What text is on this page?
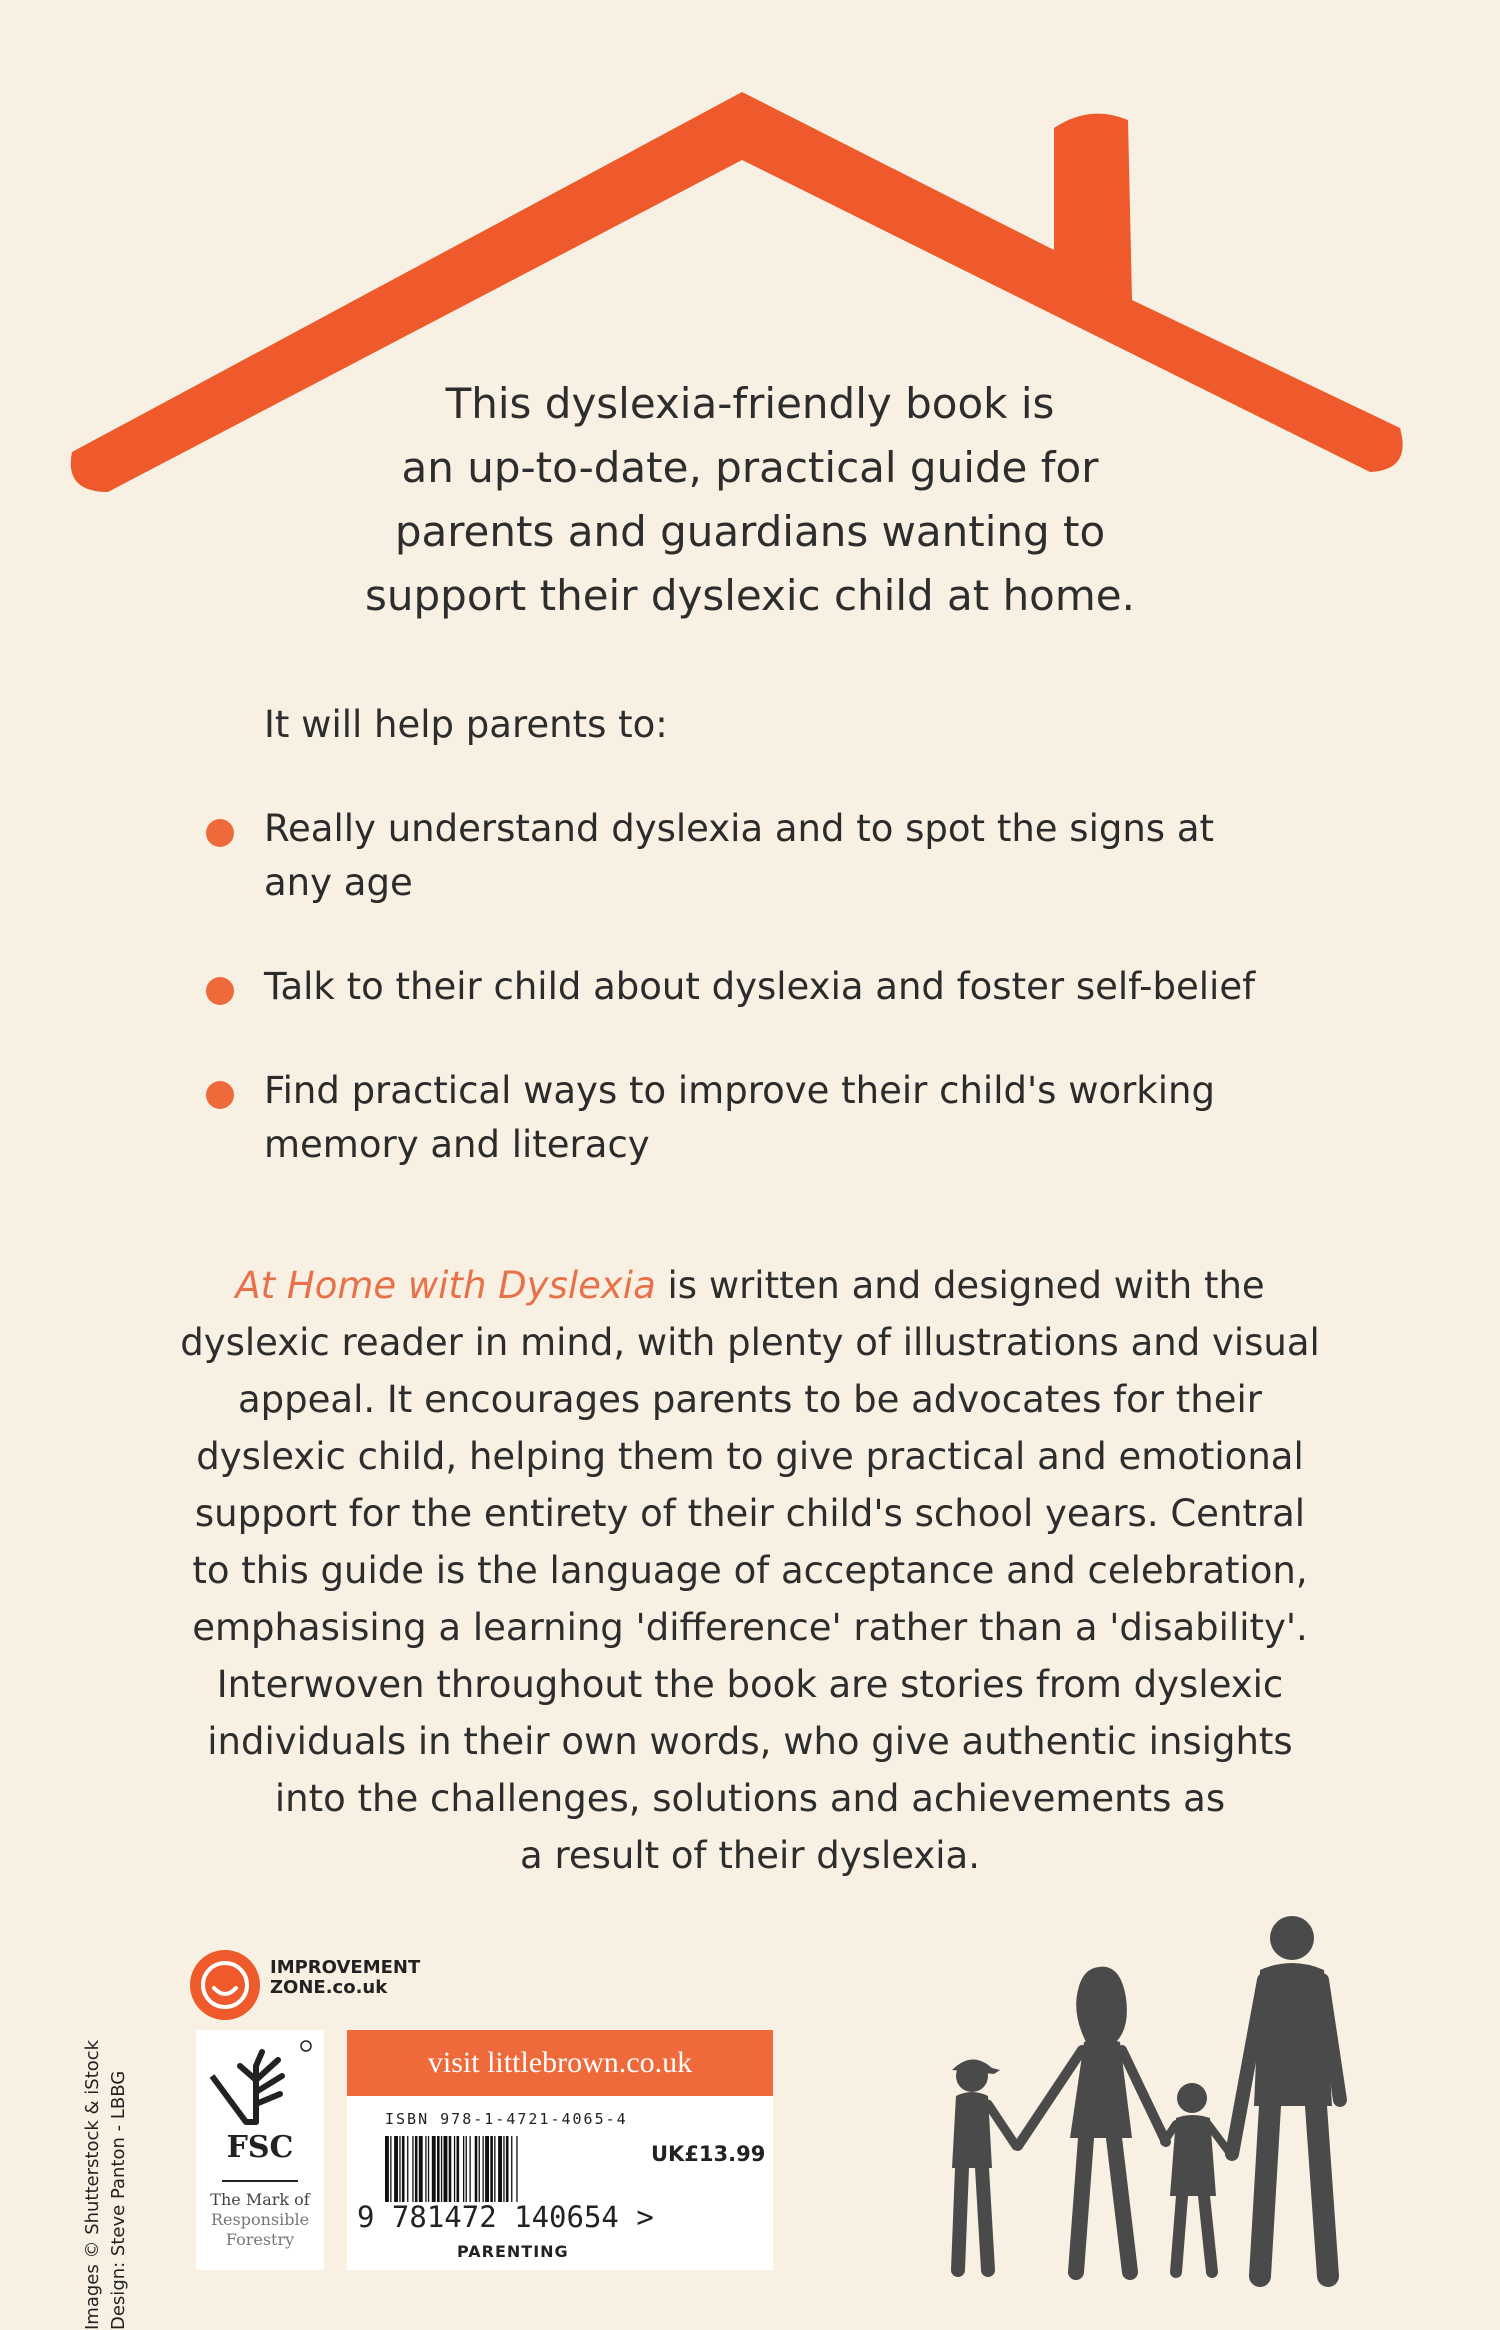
This dyslexia-friendly book is
an up-to-date, practical guide for
parents and guardians wanting to
support their dyslexic child at home.
It will help parents to:
Really understand dyslexia and to spot the signs at
any age
Talk to their child about dyslexia and foster self-belief
Find practical ways to improve their child's working
memory and literacy
At Home with Dyslexia is written and designed with the
dyslexic reader in mind, with plenty of illustrations and visual
appeal. It encourages parents to be advocates for their
dyslexic child, helping them to give practical and emotional
support for the entirety of their child's school years. Central
to this guide is the language of acceptance and celebration,
emphasising a learning 'difference' rather than a 'disability'.
Interwoven throughout the book are stories from dyslexic
individuals in their own words, who give authentic insights
into the challenges, solutions and achievements as
a result of their dyslexia.
Images © Shutterstock & iStock Design: Steve Panton - LBBG
IMPROVEMENT
ZONE.co.uk
FSC
The Mark of
Responsible
Forestry
visit littlebrown.co.uk
ISBN 978-1-4721-4065-4
9 781472 140654 >
UK£13.99
PARENTING
